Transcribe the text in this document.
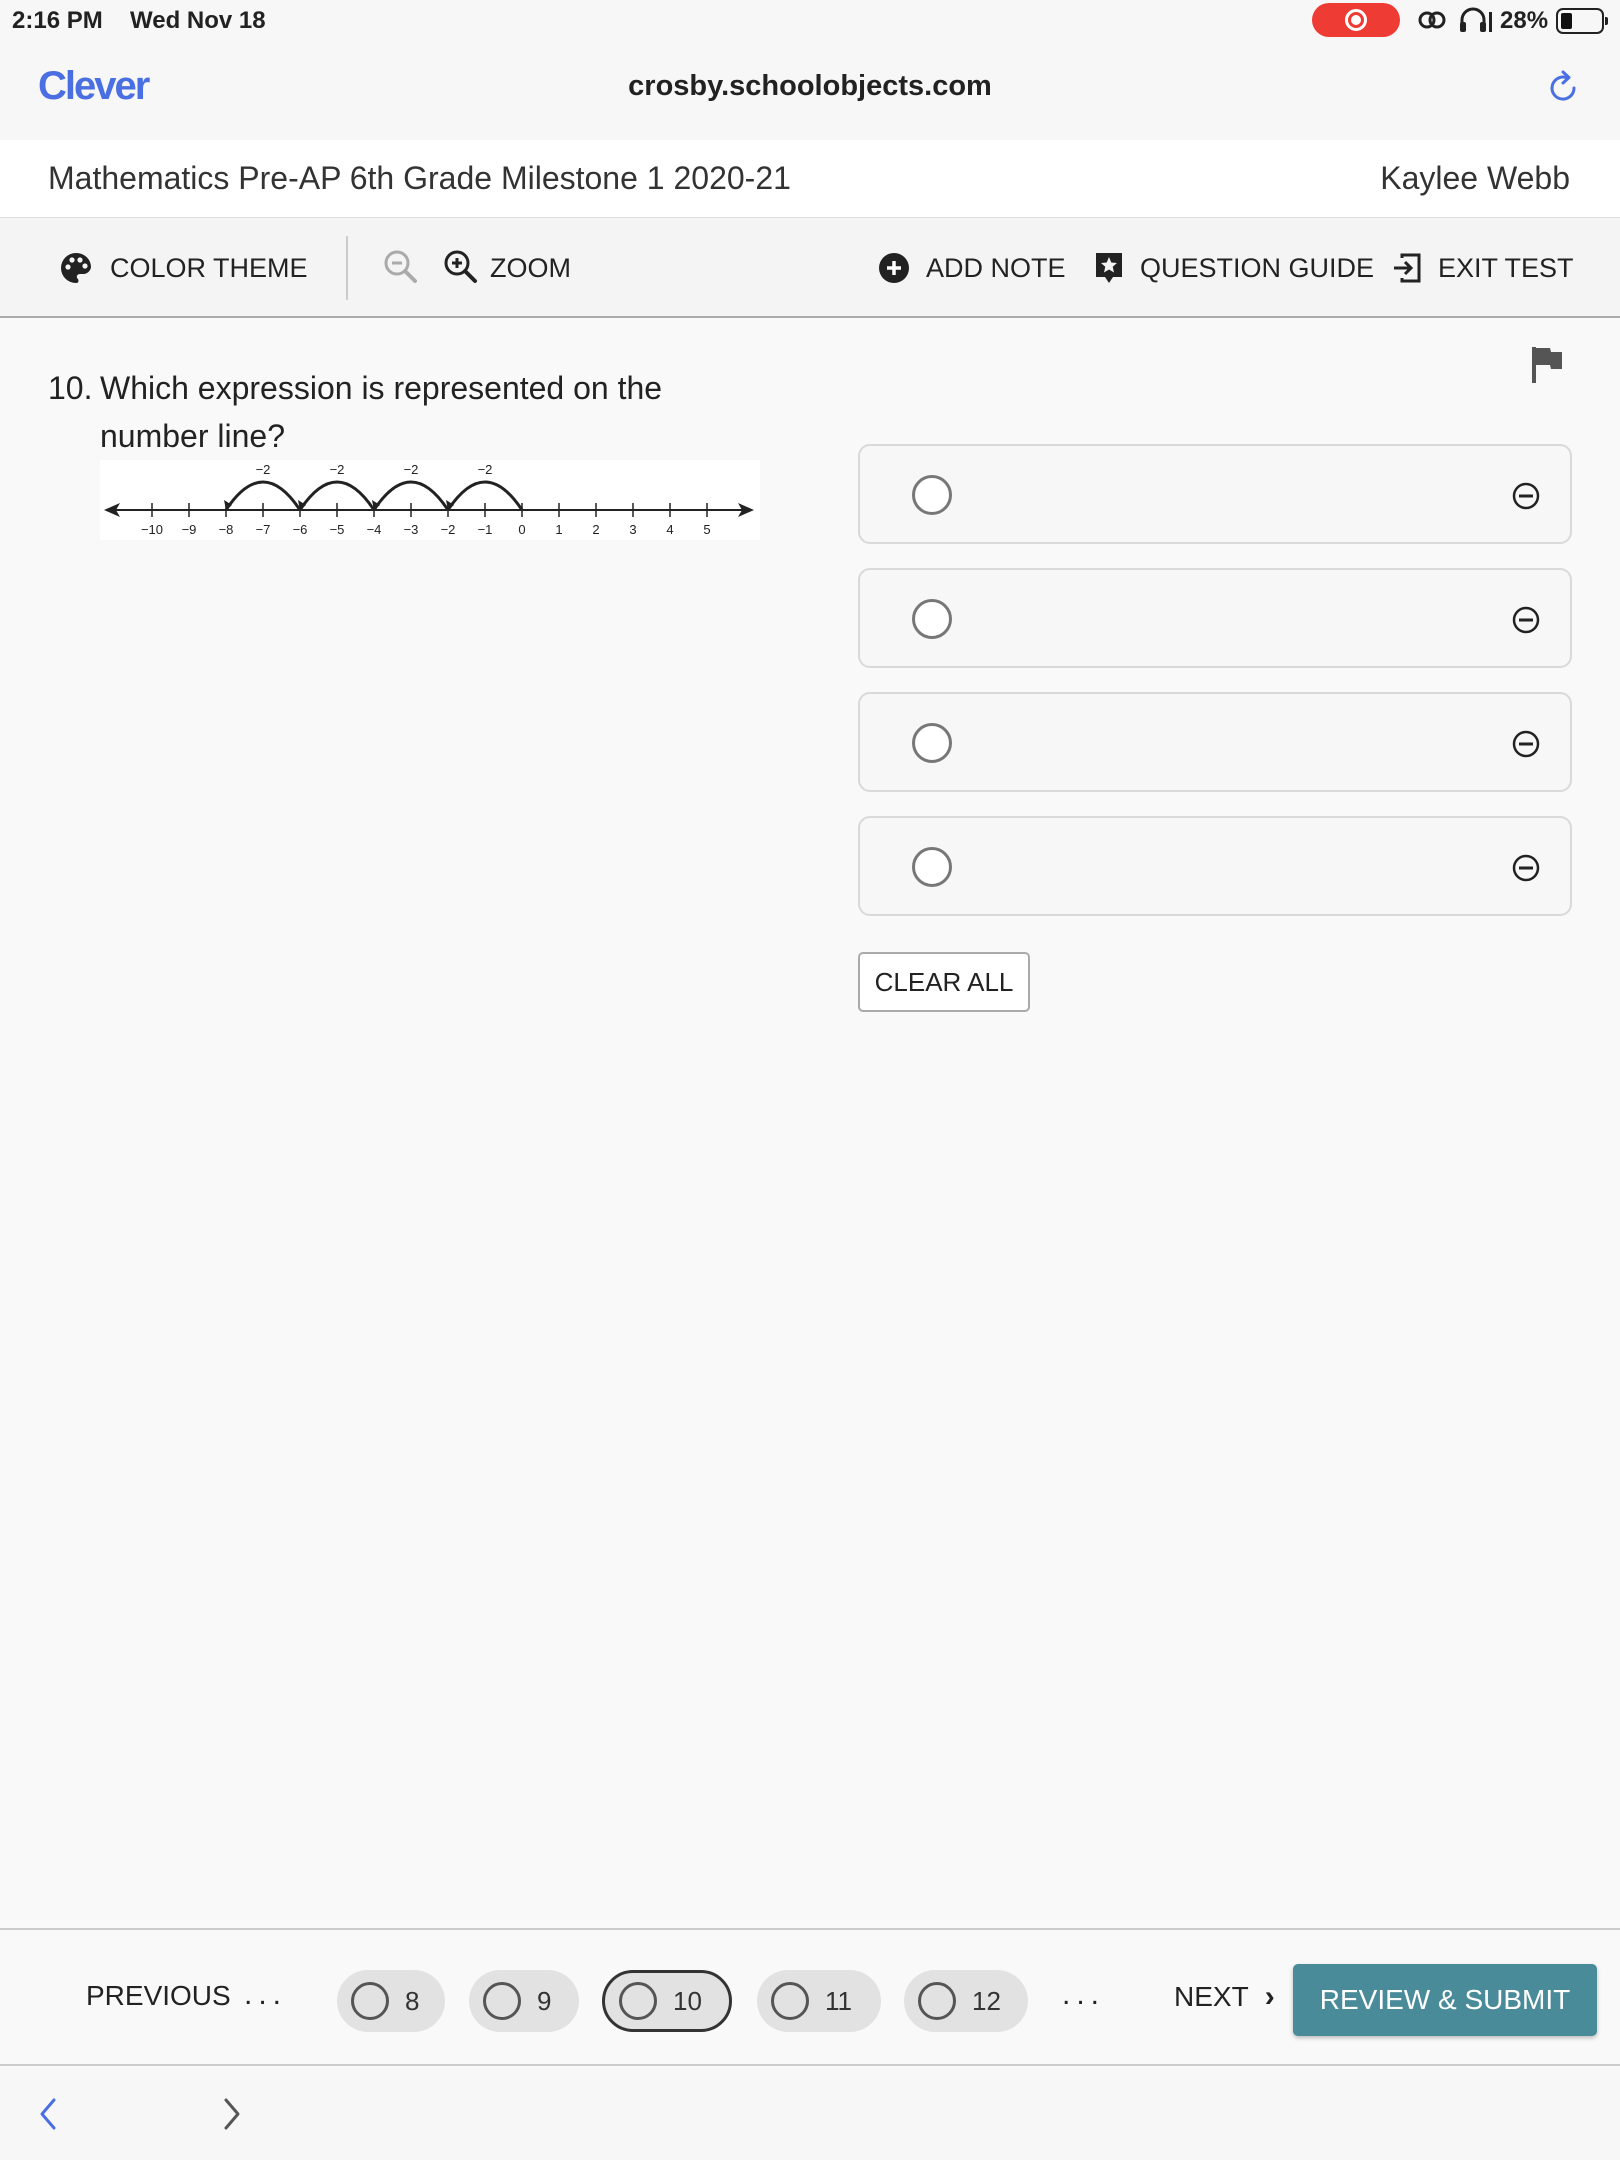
2:16 PM Wed Nov 18	28%
Clever	crosby.schoolobjects.com
Mathematics Pre-AP 6th Grade Milestone 1 2020-21	Kaylee Webb
COLOR THEME	ZOOM	ADD NOTE	QUESTION GUIDE EXIT TEST
10. Which expression is represented on the
number line?
−10 −9 −8 −7 −6 −5 −4 −3 −2 −1 0 1 2 3 4 5
−2
−2
−2
−2
CLEAR ALL
PREVIOUS ...	8	9	10	11	12 ... NEXT ›	REVIEW & SUBMIT
